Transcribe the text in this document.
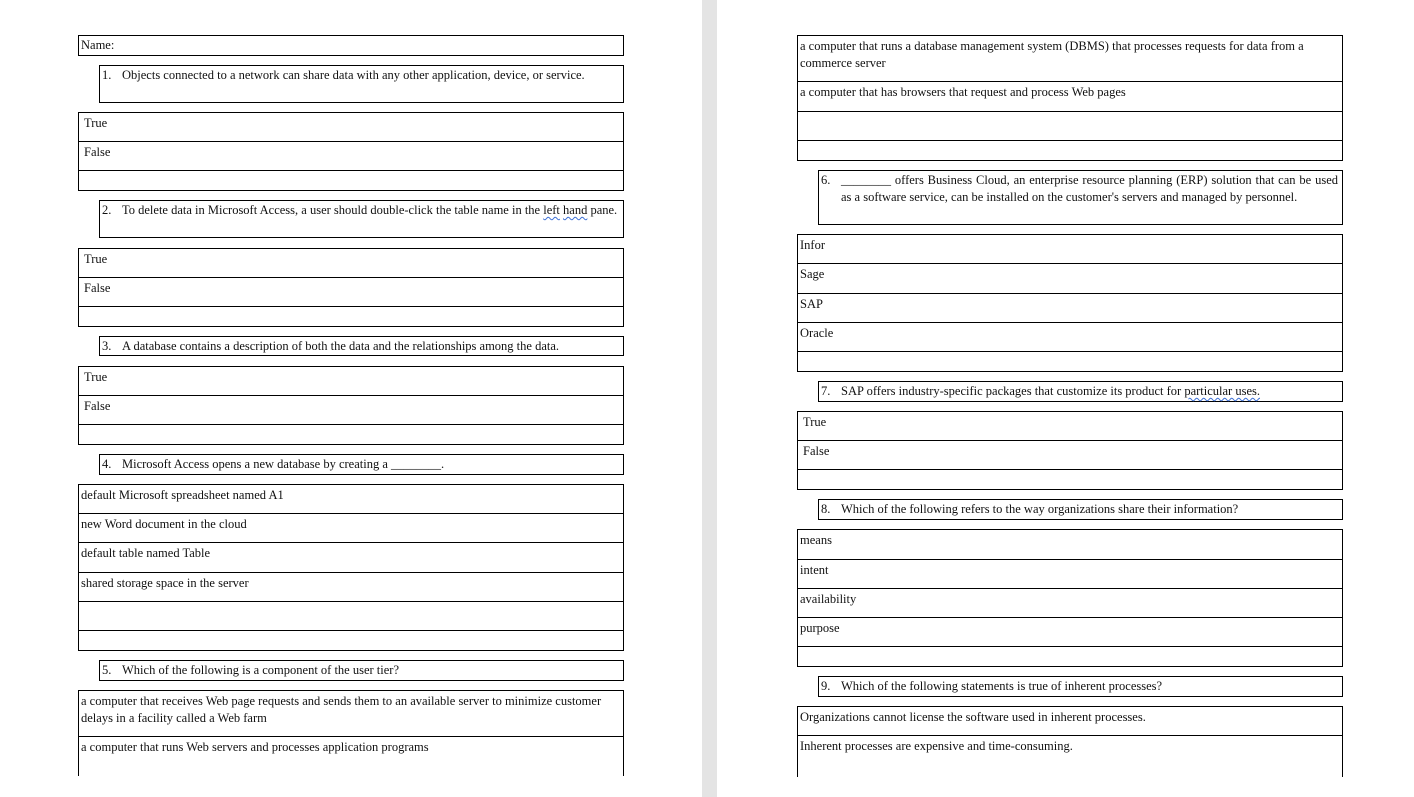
Name:
1. Objects connected to a network can share data with any other application, device, or service.
True
False
2. To delete data in Microsoft Access, a user should double-click the table name in the left hand pane.
True
False
3. A database contains a description of both the data and the relationships among the data.
True
False
4. Microsoft Access opens a new database by creating a ________.
default Microsoft spreadsheet named A1
new Word document in the cloud
default table named Table
shared storage space in the server
5. Which of the following is a component of the user tier?
a computer that receives Web page requests and sends them to an available server to minimize customer delays in a facility called a Web farm
a computer that runs Web servers and processes application programs
a computer that runs a database management system (DBMS) that processes requests for data from a commerce server
a computer that has browsers that request and process Web pages
6. ________ offers Business Cloud, an enterprise resource planning (ERP) solution that can be used as a software service, can be installed on the customer's servers and managed by personnel.
Infor
Sage
SAP
Oracle
7. SAP offers industry-specific packages that customize its product for particular uses.
True
False
8. Which of the following refers to the way organizations share their information?
means
intent
availability
purpose
9. Which of the following statements is true of inherent processes?
Organizations cannot license the software used in inherent processes.
Inherent processes are expensive and time-consuming.
